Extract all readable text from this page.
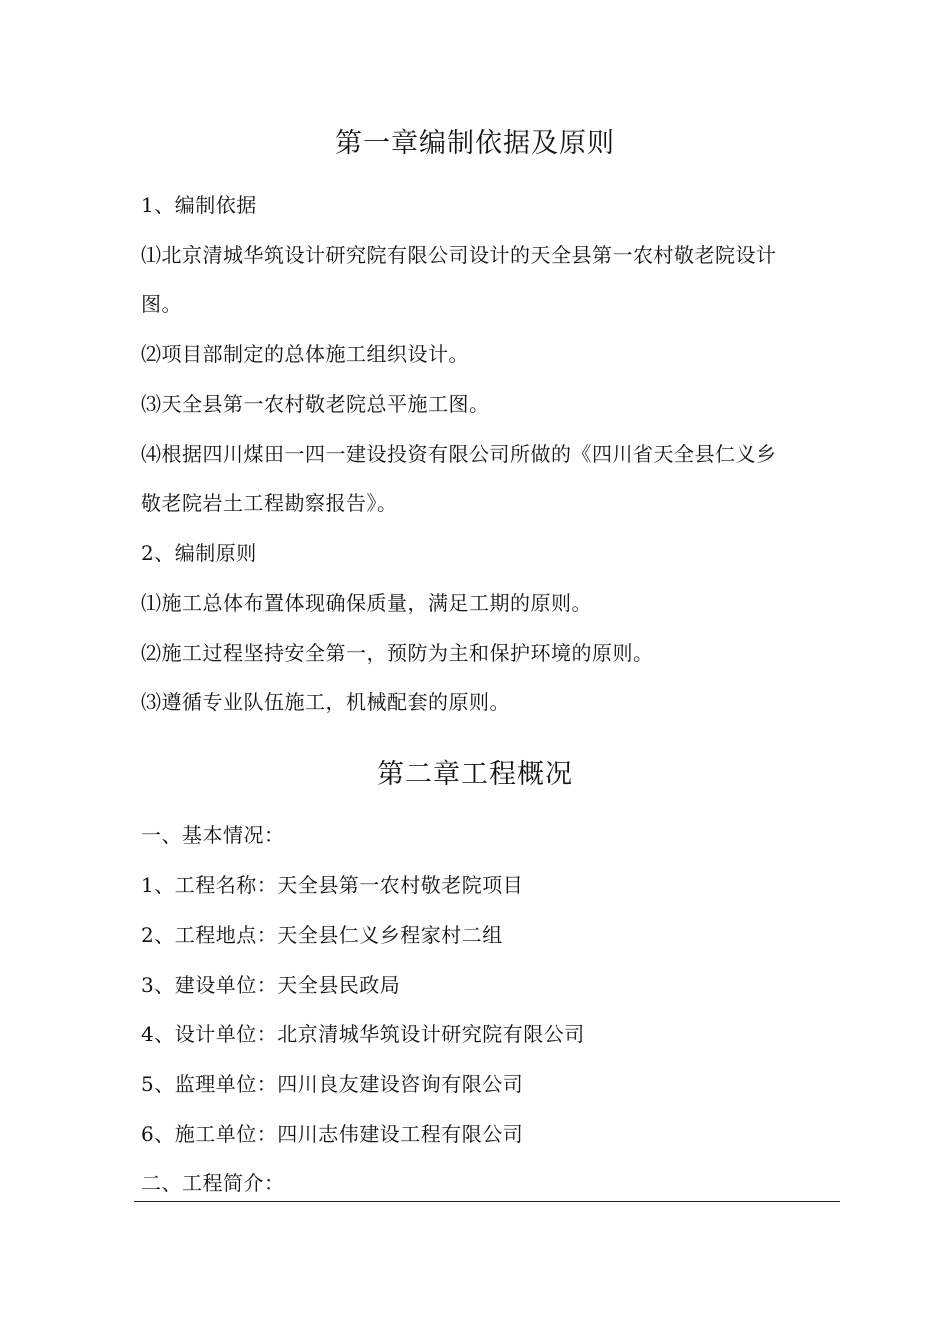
第一章编制依据及原则
1、编制依据
⑴北京清城华筑设计研究院有限公司设计的天全县第一农村敬老院设计
图。
⑵项目部制定的总体施工组织设计。
⑶天全县第一农村敬老院总平施工图。
⑷根据四川煤田一四一建设投资有限公司所做的《四川省天全县仁义乡
敬老院岩土工程勘察报告》。
2、编制原则
⑴施工总体布置体现确保质量，满足工期的原则。
⑵施工过程坚持安全第一，预防为主和保护环境的原则。
⑶遵循专业队伍施工，机械配套的原则。
第二章工程概况
一、基本情况：
1、工程名称：天全县第一农村敬老院项目
2、工程地点：天全县仁义乡程家村二组
3、建设单位：天全县民政局
4、设计单位：北京清城华筑设计研究院有限公司
5、监理单位：四川良友建设咨询有限公司
6、施工单位：四川志伟建设工程有限公司
二、工程简介：
